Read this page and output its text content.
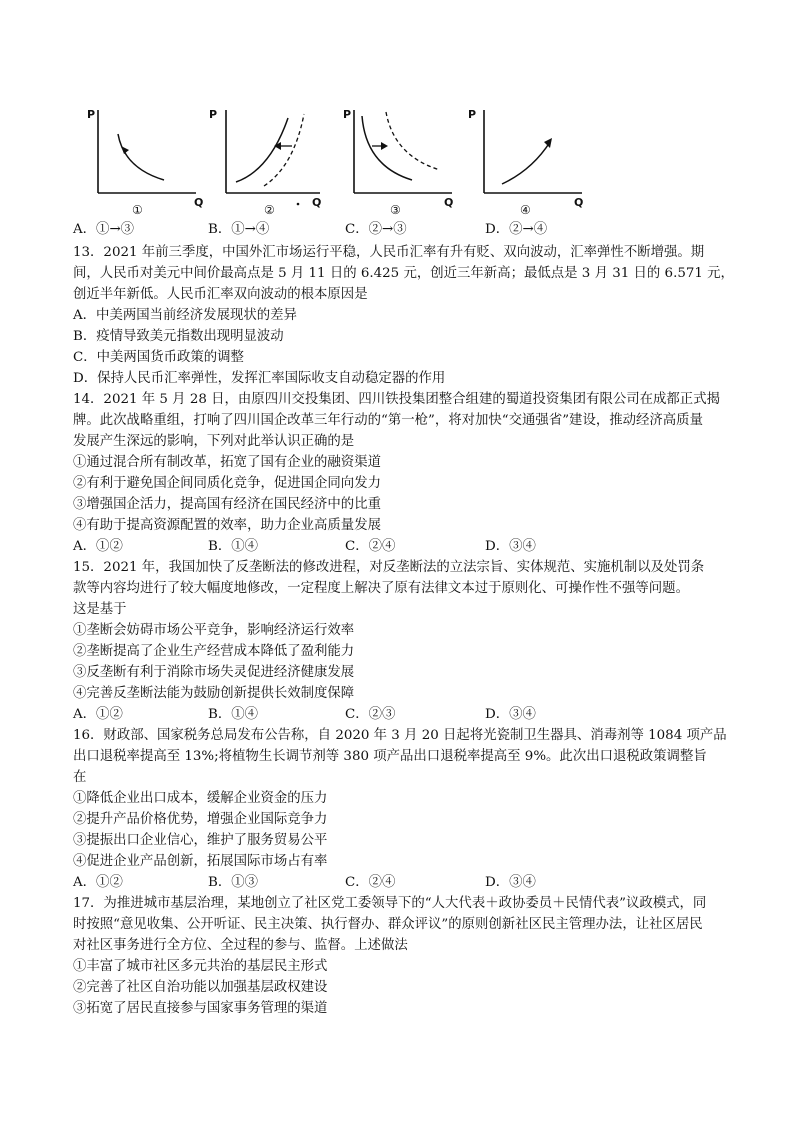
P
Q
①
P
Q
②
P
Q
③
P
Q
④
A．①→③	B．①→④	C．②→③	D．②→④
13．2021 年前三季度，中国外汇市场运行平稳，人民币汇率有升有贬、双向波动，汇率弹性不断增强。期
间，人民币对美元中间价最高点是 5 月 11 日的 6.425 元，创近三年新高；最低点是 3 月 31 日的 6.571 元，
创近半年新低。人民币汇率双向波动的根本原因是
A．中美两国当前经济发展现状的差异
B．疫情导致美元指数出现明显波动
C．中美两国货币政策的调整
D．保持人民币汇率弹性，发挥汇率国际收支自动稳定器的作用
14．2021 年 5 月 28 日，由原四川交投集团、四川铁投集团整合组建的蜀道投资集团有限公司在成都正式揭
牌。此次战略重组，打响了四川国企改革三年行动的“第一枪”，将对加快“交通强省”建设，推动经济高质量
发展产生深远的影响，下列对此举认识正确的是
①通过混合所有制改革，拓宽了国有企业的融资渠道
②有利于避免国企间同质化竞争，促进国企同向发力
③增强国企活力，提高国有经济在国民经济中的比重
④有助于提高资源配置的效率，助力企业高质量发展
A．①②	B．①④	C．②④	D．③④
15．2021 年，我国加快了反垄断法的修改进程，对反垄断法的立法宗旨、实体规范、实施机制以及处罚条
款等内容均进行了较大幅度地修改，一定程度上解决了原有法律文本过于原则化、可操作性不强等问题。
这是基于
①垄断会妨碍市场公平竞争，影响经济运行效率
②垄断提高了企业生产经营成本降低了盈利能力
③反垄断有利于消除市场失灵促进经济健康发展
④完善反垄断法能为鼓励创新提供长效制度保障
A．①②	B．①④	C．②③	D．③④
16．财政部、国家税务总局发布公告称，自 2020 年 3 月 20 日起将光瓷制卫生器具、消毒剂等 1084 项产品
出口退税率提高至 13%;将植物生长调节剂等 380 项产品出口退税率提高至 9%。此次出口退税政策调整旨
在
①降低企业出口成本，缓解企业资金的压力
②提升产品价格优势，增强企业国际竞争力
③提振出口企业信心，维护了服务贸易公平
④促进企业产品创新，拓展国际市场占有率
A．①②	B．①③	C．②④	D．③④
17．为推进城市基层治理，某地创立了社区党工委领导下的“人大代表＋政协委员＋民情代表”议政模式，同
时按照“意见收集、公开听证、民主决策、执行督办、群众评议”的原则创新社区民主管理办法，让社区居民
对社区事务进行全方位、全过程的参与、监督。上述做法
①丰富了城市社区多元共治的基层民主形式
②完善了社区自治功能以加强基层政权建设
③拓宽了居民直接参与国家事务管理的渠道
